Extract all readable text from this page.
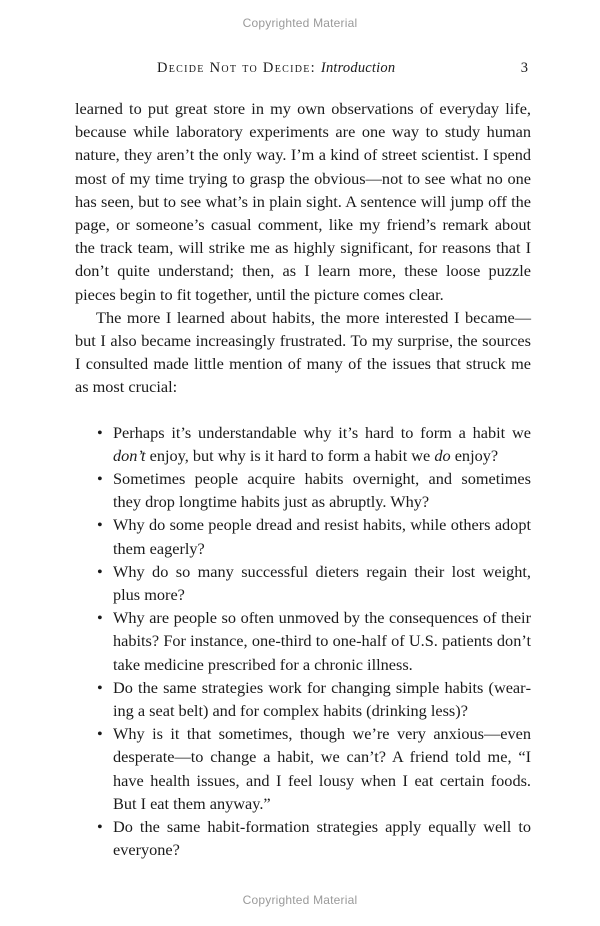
Copyrighted Material
Decide Not to Decide: Introduction	3

learned to put great store in my own observations of everyday life, because while laboratory experiments are one way to study human nature, they aren’t the only way. I’m a kind of street scientist. I spend most of my time trying to grasp the obvious—not to see what no one has seen, but to see what’s in plain sight. A sentence will jump off the page, or someone’s casual comment, like my friend’s remark about the track team, will strike me as highly significant, for reasons that I don’t quite understand; then, as I learn more, these loose puzzle pieces begin to fit together, until the picture comes clear.

The more I learned about habits, the more interested I became—but I also became increasingly frustrated. To my surprise, the sources I consulted made little mention of many of the issues that struck me as most crucial:

• Perhaps it’s understandable why it’s hard to form a habit we don’t enjoy, but why is it hard to form a habit we do enjoy?
• Sometimes people acquire habits overnight, and sometimes they drop longtime habits just as abruptly. Why?
• Why do some people dread and resist habits, while others adopt them eagerly?
• Why do so many successful dieters regain their lost weight, plus more?
• Why are people so often unmoved by the consequences of their habits? For instance, one-third to one-half of U.S. patients don’t take medicine prescribed for a chronic illness.
• Do the same strategies work for changing simple habits (wearing a seat belt) and for complex habits (drinking less)?
• Why is it that sometimes, though we’re very anxious—even desperate—to change a habit, we can’t? A friend told me, “I have health issues, and I feel lousy when I eat certain foods. But I eat them anyway.”
• Do the same habit-formation strategies apply equally well to everyone?
Copyrighted Material
